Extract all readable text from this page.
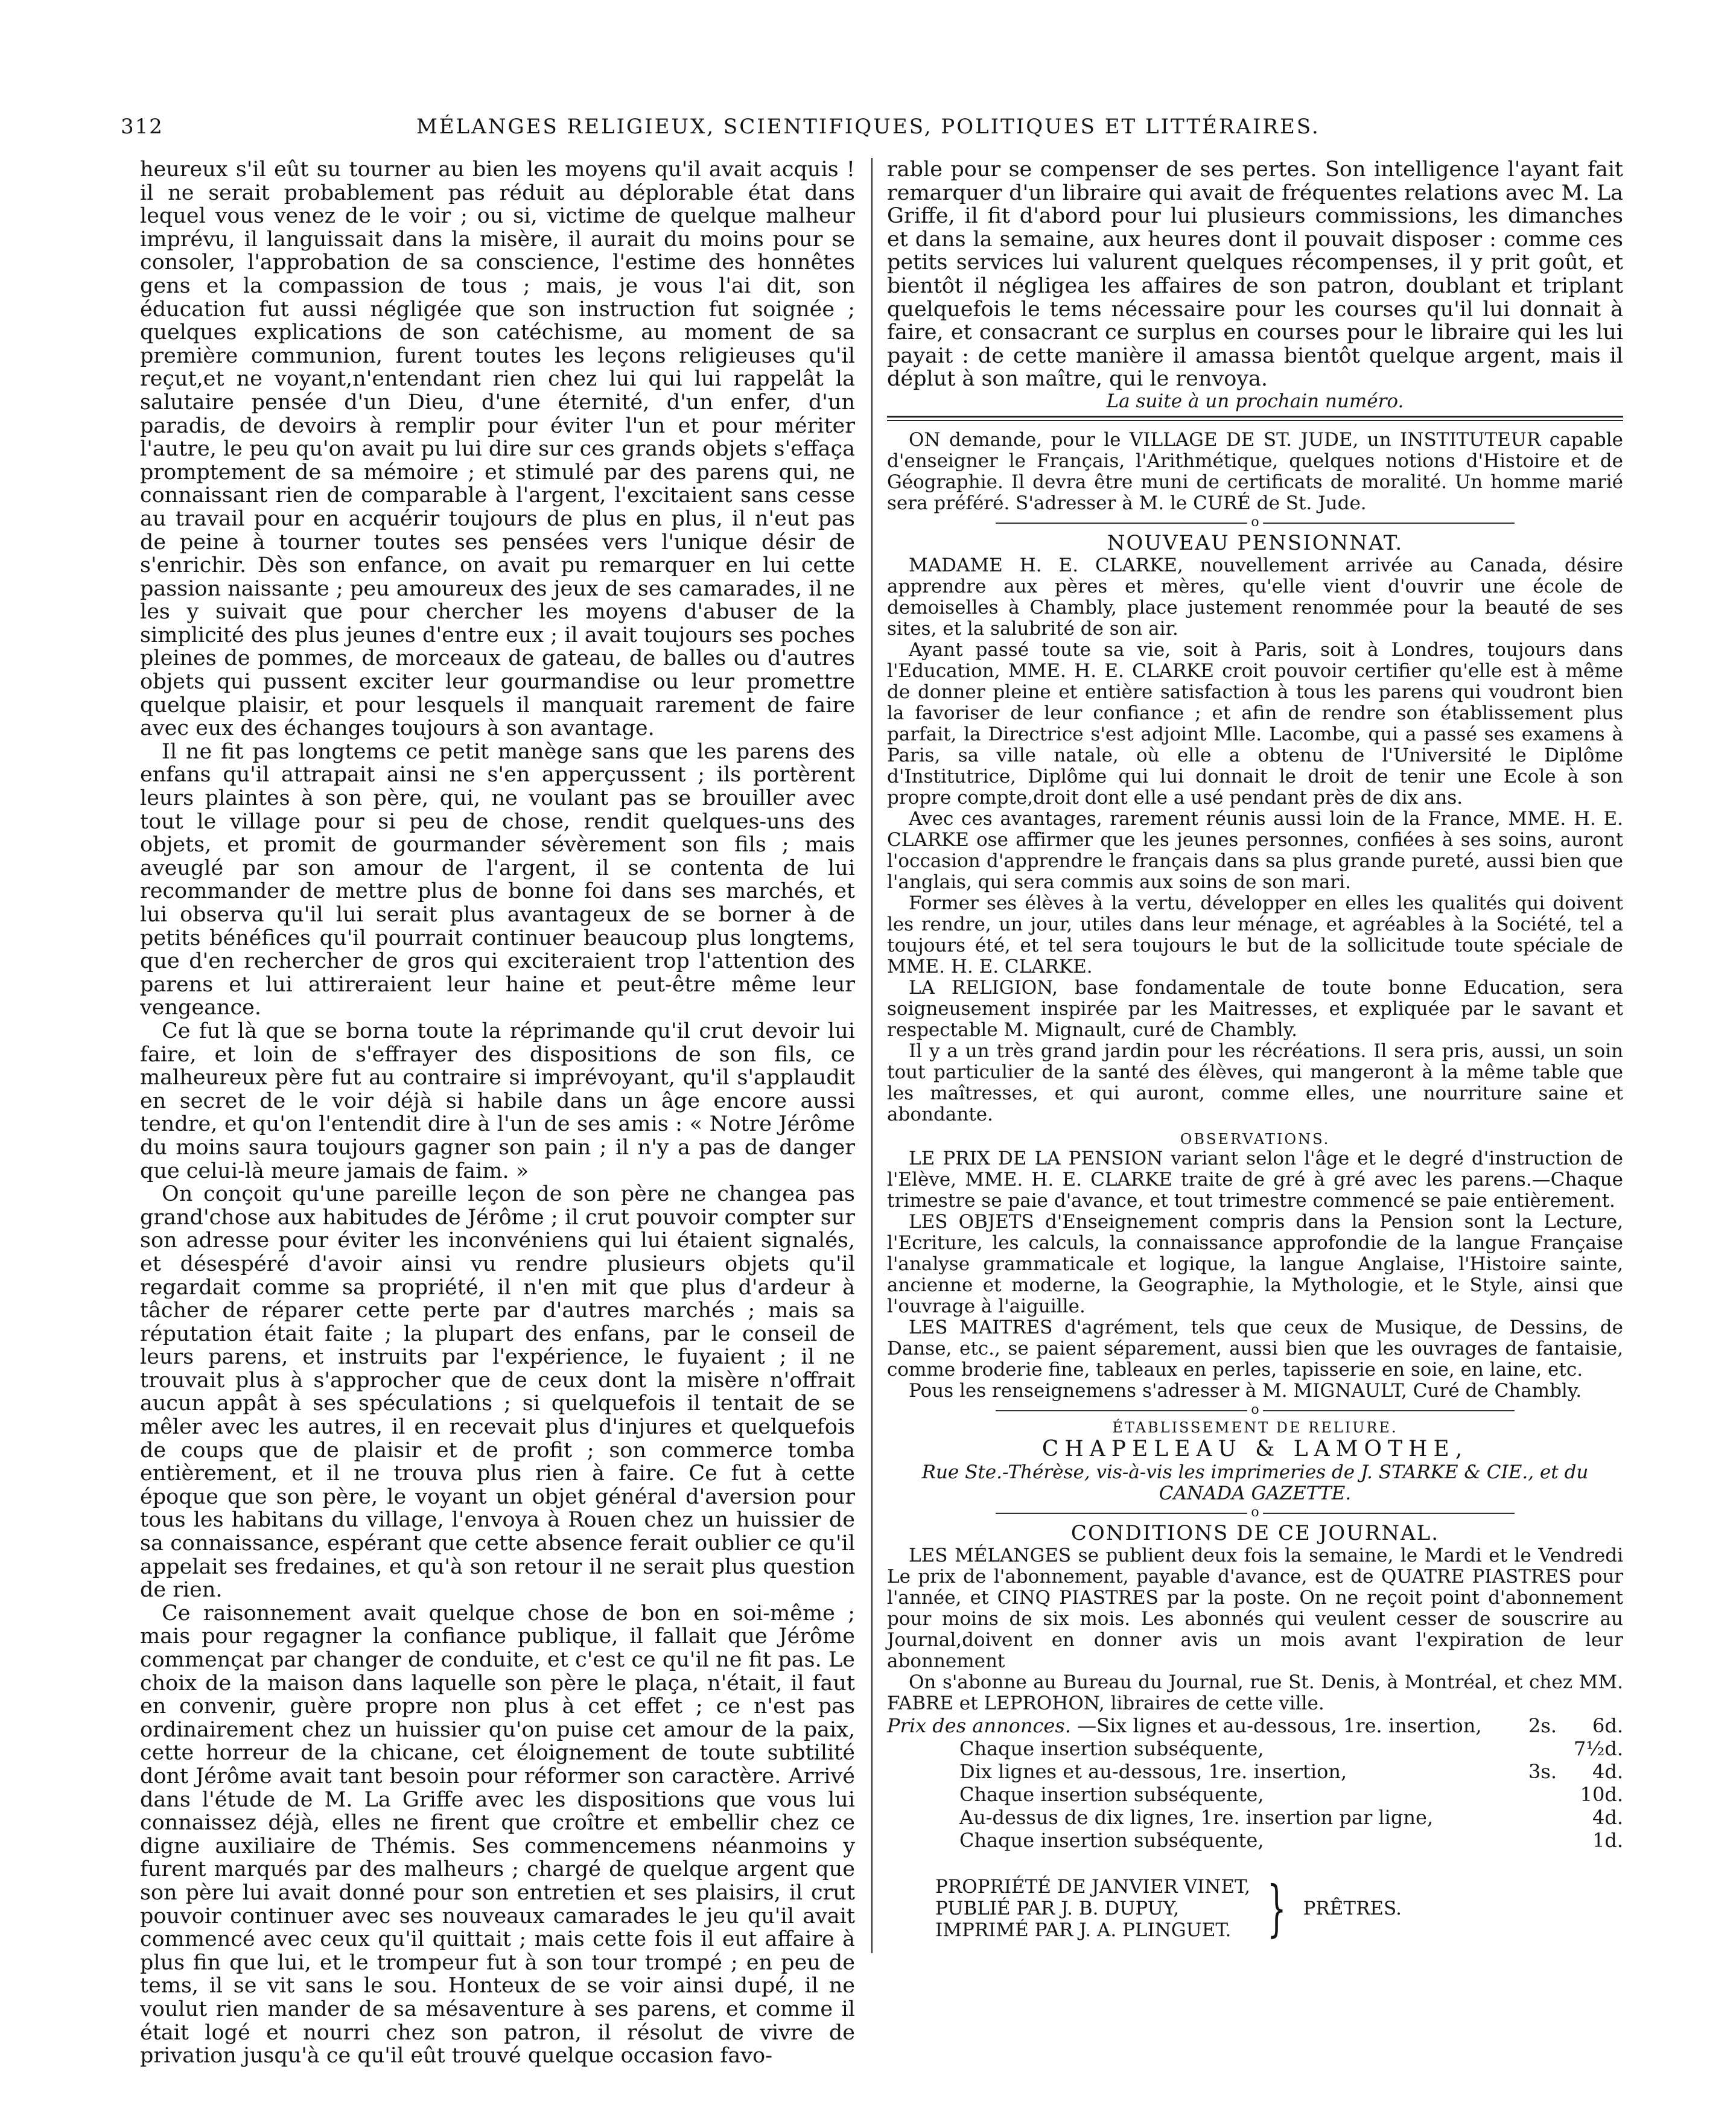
312	MÉLANGES RELIGIEUX, SCIENTIFIQUES, POLITIQUES ET LITTÉRAIRES.

heureux s'il eût su tourner au bien les moyens qu'il avait acquis ! il ne serait probablement pas réduit au déplorable état dans lequel vous venez de le voir ; ou si, victime de quelque malheur imprévu, il languissait dans la misère, il aurait du moins pour se consoler, l'approbation de sa conscience, l'estime des honnêtes gens et la compassion de tous ; mais, je vous l'ai dit, son éducation fut aussi négligée que son instruction fut soignée ; quelques explications de son catéchisme, au moment de sa première communion, furent toutes les leçons religieuses qu'il reçut,et ne voyant,n'entendant rien chez lui qui lui rappelât la salutaire pensée d'un Dieu, d'une éternité, d'un enfer, d'un paradis, de devoirs à remplir pour éviter l'un et pour mériter l'autre, le peu qu'on avait pu lui dire sur ces grands objets s'effaça promptement de sa mémoire ; et stimulé par des parens qui, ne connaissant rien de comparable à l'argent, l'excitaient sans cesse au travail pour en acquérir toujours de plus en plus, il n'eut pas de peine à tourner toutes ses pensées vers l'unique désir de s'enrichir. Dès son enfance, on avait pu remarquer en lui cette passion naissante ; peu amoureux des jeux de ses camarades, il ne les y suivait que pour chercher les moyens d'abuser de la simplicité des plus jeunes d'entre eux ; il avait toujours ses poches pleines de pommes, de morceaux de gateau, de balles ou d'autres objets qui pussent exciter leur gourmandise ou leur promettre quelque plaisir, et pour lesquels il manquait rarement de faire avec eux des échanges toujours à son avantage.

Il ne fit pas longtems ce petit manège sans que les parens des enfans qu'il attrapait ainsi ne s'en apperçussent ; ils portèrent leurs plaintes à son père, qui, ne voulant pas se brouiller avec tout le village pour si peu de chose, rendit quelques-uns des objets, et promit de gourmander sévèrement son fils ; mais aveuglé par son amour de l'argent, il se contenta de lui recommander de mettre plus de bonne foi dans ses marchés, et lui observa qu'il lui serait plus avantageux de se borner à de petits bénéfices qu'il pourrait continuer beaucoup plus longtems, que d'en rechercher de gros qui exciteraient trop l'attention des parens et lui attireraient leur haine et peut-être même leur vengeance.

Ce fut là que se borna toute la réprimande qu'il crut devoir lui faire, et loin de s'effrayer des dispositions de son fils, ce malheureux père fut au contraire si imprévoyant, qu'il s'applaudit en secret de le voir déjà si habile dans un âge encore aussi tendre, et qu'on l'entendit dire à l'un de ses amis : « Notre Jérôme du moins saura toujours gagner son pain ; il n'y a pas de danger que celui-là meure jamais de faim. »

On conçoit qu'une pareille leçon de son père ne changea pas grand'chose aux habitudes de Jérôme ; il crut pouvoir compter sur son adresse pour éviter les inconvéniens qui lui étaient signalés, et désespéré d'avoir ainsi vu rendre plusieurs objets qu'il regardait comme sa propriété, il n'en mit que plus d'ardeur à tâcher de réparer cette perte par d'autres marchés ; mais sa réputation était faite ; la plupart des enfans, par le conseil de leurs parens, et instruits par l'expérience, le fuyaient ; il ne trouvait plus à s'approcher que de ceux dont la misère n'offrait aucun appât à ses spéculations ; si quelquefois il tentait de se mêler avec les autres, il en recevait plus d'injures et quelquefois de coups que de plaisir et de profit ; son commerce tomba entièrement, et il ne trouva plus rien à faire. Ce fut à cette époque que son père, le voyant un objet général d'aversion pour tous les habitans du village, l'envoya à Rouen chez un huissier de sa connaissance, espérant que cette absence ferait oublier ce qu'il appelait ses fredaines, et qu'à son retour il ne serait plus question de rien.

Ce raisonnement avait quelque chose de bon en soi-même ; mais pour regagner la confiance publique, il fallait que Jérôme commençat par changer de conduite, et c'est ce qu'il ne fit pas. Le choix de la maison dans laquelle son père le plaça, n'était, il faut en convenir, guère propre non plus à cet effet ; ce n'est pas ordinairement chez un huissier qu'on puise cet amour de la paix, cette horreur de la chicane, cet éloignement de toute subtilité dont Jérôme avait tant besoin pour réformer son caractère. Arrivé dans l'étude de M. La Griffe avec les dispositions que vous lui connaissez déjà, elles ne firent que croître et embellir chez ce digne auxiliaire de Thémis. Ses commencemens néanmoins y furent marqués par des malheurs ; chargé de quelque argent que son père lui avait donné pour son entretien et ses plaisirs, il crut pouvoir continuer avec ses nouveaux camarades le jeu qu'il avait commencé avec ceux qu'il quittait ; mais cette fois il eut affaire à plus fin que lui, et le trompeur fut à son tour trompé ; en peu de tems, il se vit sans le sou. Honteux de se voir ainsi dupé, il ne voulut rien mander de sa mésaventure à ses parens, et comme il était logé et nourri chez son patron, il résolut de vivre de privation jusqu'à ce qu'il eût trouvé quelque occasion favo-

rable pour se compenser de ses pertes. Son intelligence l'ayant fait remarquer d'un libraire qui avait de fréquentes relations avec M. La Griffe, il fit d'abord pour lui plusieurs commissions, les dimanches et dans la semaine, aux heures dont il pouvait disposer : comme ces petits services lui valurent quelques récompenses, il y prit goût, et bientôt il négligea les affaires de son patron, doublant et triplant quelquefois le tems nécessaire pour les courses qu'il lui donnait à faire, et consacrant ce surplus en courses pour le libraire qui les lui payait : de cette manière il amassa bientôt quelque argent, mais il déplut à son maître, qui le renvoya.

La suite à un prochain numéro.

ON demande, pour le VILLAGE DE ST. JUDE, un INSTITUTEUR capable d'enseigner le Français, l'Arithmétique, quelques notions d'Histoire et de Géographie. Il devra être muni de certificats de moralité. Un homme marié sera préféré. S'adresser à M. le CURÉ de St. Jude.

o

NOUVEAU PENSIONNAT.

MADAME H. E. CLARKE, nouvellement arrivée au Canada, désire apprendre aux pères et mères, qu'elle vient d'ouvrir une école de demoiselles à Chambly, place justement renommée pour la beauté de ses sites, et la salubrité de son air.

Ayant passé toute sa vie, soit à Paris, soit à Londres, toujours dans l'Education, MME. H. E. CLARKE croit pouvoir certifier qu'elle est à même de donner pleine et entière satisfaction à tous les parens qui voudront bien la favoriser de leur confiance ; et afin de rendre son établissement plus parfait, la Directrice s'est adjoint Mlle. Lacombe, qui a passé ses examens à Paris, sa ville natale, où elle a obtenu de l'Université le Diplôme d'Institutrice, Diplôme qui lui donnait le droit de tenir une Ecole à son propre compte,droit dont elle a usé pendant près de dix ans.

Avec ces avantages, rarement réunis aussi loin de la France, MME. H. E. CLARKE ose affirmer que les jeunes personnes, confiées à ses soins, auront l'occasion d'apprendre le français dans sa plus grande pureté, aussi bien que l'anglais, qui sera commis aux soins de son mari.

Former ses élèves à la vertu, développer en elles les qualités qui doivent les rendre, un jour, utiles dans leur ménage, et agréables à la Société, tel a toujours été, et tel sera toujours le but de la sollicitude toute spéciale de MME. H. E. CLARKE.

LA RELIGION, base fondamentale de toute bonne Education, sera soigneusement inspirée par les Maitresses, et expliquée par le savant et respectable M. Mignault, curé de Chambly.

Il y a un très grand jardin pour les récréations. Il sera pris, aussi, un soin tout particulier de la santé des élèves, qui mangeront à la même table que les maîtresses, et qui auront, comme elles, une nourriture saine et abondante.

OBSERVATIONS.

LE PRIX DE LA PENSION variant selon l'âge et le degré d'instruction de l'Elève, MME. H. E. CLARKE traite de gré à gré avec les parens.—Chaque trimestre se paie d'avance, et tout trimestre commencé se paie entièrement.

LES OBJETS d'Enseignement compris dans la Pension sont la Lecture, l'Ecriture, les calculs, la connaissance approfondie de la langue Française l'analyse grammaticale et logique, la langue Anglaise, l'Histoire sainte, ancienne et moderne, la Geographie, la Mythologie, et le Style, ainsi que l'ouvrage à l'aiguille.

LES MAITRES d'agrément, tels que ceux de Musique, de Dessins, de Danse, etc., se paient séparement, aussi bien que les ouvrages de fantaisie, comme broderie fine, tableaux en perles, tapisserie en soie, en laine, etc.

Pous les renseignemens s'adresser à M. MIGNAULT, Curé de Chambly.

o

ÉTABLISSEMENT DE RELIURE.

CHAPELEAU & LAMOTHE,

Rue Ste.-Thérèse, vis-à-vis les imprimeries de J. STARKE & CIE., et du CANADA GAZETTE.

o

CONDITIONS DE CE JOURNAL.

LES MÉLANGES se publient deux fois la semaine, le Mardi et le Vendredi Le prix de l'abonnement, payable d'avance, est de QUATRE PIASTRES pour l'année, et CINQ PIASTRES par la poste. On ne reçoit point d'abonnement pour moins de six mois. Les abonnés qui veulent cesser de souscrire au Journal,doivent en donner avis un mois avant l'expiration de leur abonnement

On s'abonne au Bureau du Journal, rue St. Denis, à Montréal, et chez MM. FABRE et LEPROHON, libraires de cette ville.

Prix des annonces. —Six lignes et au-dessous, 1re. insertion,	2s.	6d.
Chaque insertion subséquente,	7½d.
Dix lignes et au-dessous, 1re. insertion,	3s.	4d.
Chaque insertion subséquente,	10d.
Au-dessus de dix lignes, 1re. insertion par ligne,	4d.
Chaque insertion subséquente,	1d.
PROPRIÉTÉ DE JANVIER VINET,
PUBLIÉ PAR J. B. DUPUY,
IMPRIMÉ PAR J. A. PLINGUET. } PRÊTRES.
